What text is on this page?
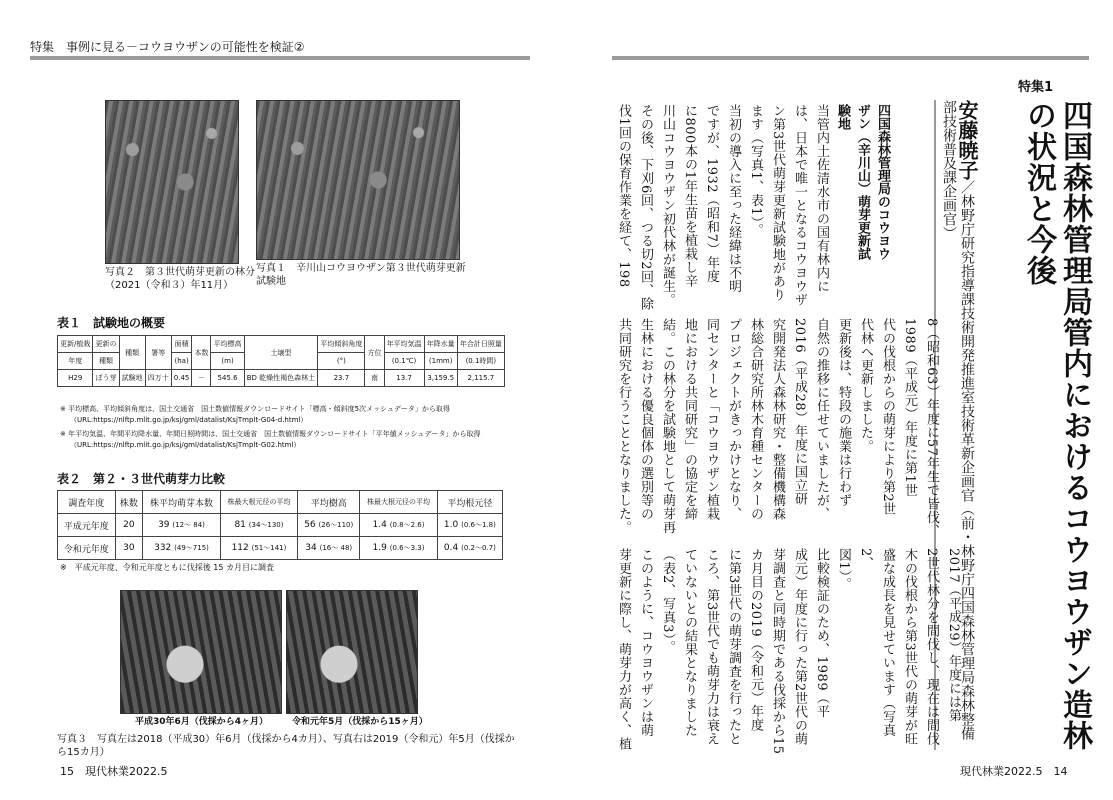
特集　事例に見る－コウヨウザンの可能性を検証②
写真２　第３世代萌芽更新の林分（2021（令和３）年11月）
写真１　辛川山コウヨウザン第３世代萌芽更新試験地
表１　試験地の概要
更新/植栽	更新の	種類	署等	面積	本数	平均標高	土壌型	平均傾斜角度	方位	年平均気温	年降水量	年合計日照量
年度	種類			(ha)		(m)		(°)		(0.1℃)	(1mm)	(0.1時間)
H29	ぼう芽	試験地	四万十	0.45	－	545.6	BD 乾燥性褐色森林土	23.7	南	13.7	3,159.5	2,115.7
※ 平均標高、平均傾斜角度は、国土交通省　国土数値情報ダウンロードサイト「標高・傾斜度5次メッシュデータ」から取得
（URL:https://nlftp.mlit.go.jp/ksj/gml/datalist/KsjTmplt-G04-d.html）
※ 年平均気温、年間平均降水量、年間日照時間は、国土交通省　国土数値情報ダウンロードサイト「平年値メッシュデータ」から取得
（URL:https://nlftp.mlit.go.jp/ksj/gml/datalist/KsjTmplt-G02.html）
表２　第２・３世代萌芽力比較
調査年度	株数	株平均萌芽本数	株最大根元径の平均	平均樹高	株最大根元径の平均	平均根元径
平成元年度	20	39 (12～ 84)	81 (34～130)	56 (26～110)	1.4 (0.8～2.6)	1.0 (0.6～1.8)
令和元年度	30	332 (49～715)	112 (51～141)	34 (16～ 48)	1.9 (0.6～3.3)	0.4 (0.2～0.7)
※　平成元年度、令和元年度ともに伐採後 15 カ月目に調査
平成30年6月（伐採から4ヶ月）	令和元年5月（伐採から15ヶ月）
写真３　写真左は2018（平成30）年6月（伐採から4カ月）、写真右は2019（令和元）年5月（伐採から15カ月）
15　現代林業2022.5
特集1
四国森林管理局管内におけるコウヨウザン造林
の状況と今後
安藤暁子／林野庁研究指導課技術開発推進室技術革新企画官（前・林野庁四国森林管理局森林整備部技術普及課企画官）
四国森林管理局のコウヨウザン（辛川山）萌芽更新試験地
当管内土佐清水市の国有林内に
は、日本で唯一となるコウヨウザ
ン第3世代萌芽更新試験地があり
ます（写真1、表1）。
当初の導入に至った経緯は不明
ですが、1932（昭和7）年度
に800本の1年生苗を植栽し辛
川山コウヨウザン初代林が誕生。
その後、下刈6回、つる切2回、除
伐1回の保育作業を経て、198
8（昭和63）年度に57年生で皆伐、
1989（平成元）年度に第1世
代の伐根からの萌芽により第2世
代林へ更新しました。
更新後は、特段の施業は行わず
自然の推移に任せていましたが、
2016（平成28）年度に国立研
究開発法人森林研究・整備機構森
林総合研究所林木育種センターの
プロジェクトがきっかけとなり、
同センターと「コウヨウザン植栽
地における共同研究」の協定を締
結。この林分を試験地として萌芽再
生林における優良個体の選別等の
共同研究を行うこととなりました。
2017（平成29）年度には第
2世代林分を間伐し、現在は間伐
木の伐根から第3世代の萌芽が旺
盛な成長を見せています（写真2、
図1）。
比較検証のため、1989（平
成元）年度に行った第2世代の萌
芽調査と同時期である伐採から15
カ月目の2019（令和元）年度
に第3世代の萌芽調査を行ったと
ころ、第3世代でも萌芽力は衰え
ていないとの結果となりました
（表2、写真3）。
このように、コウヨウザンは萌
芽更新に際し、萌芽力が高く、植
現代林業2022.5　14
